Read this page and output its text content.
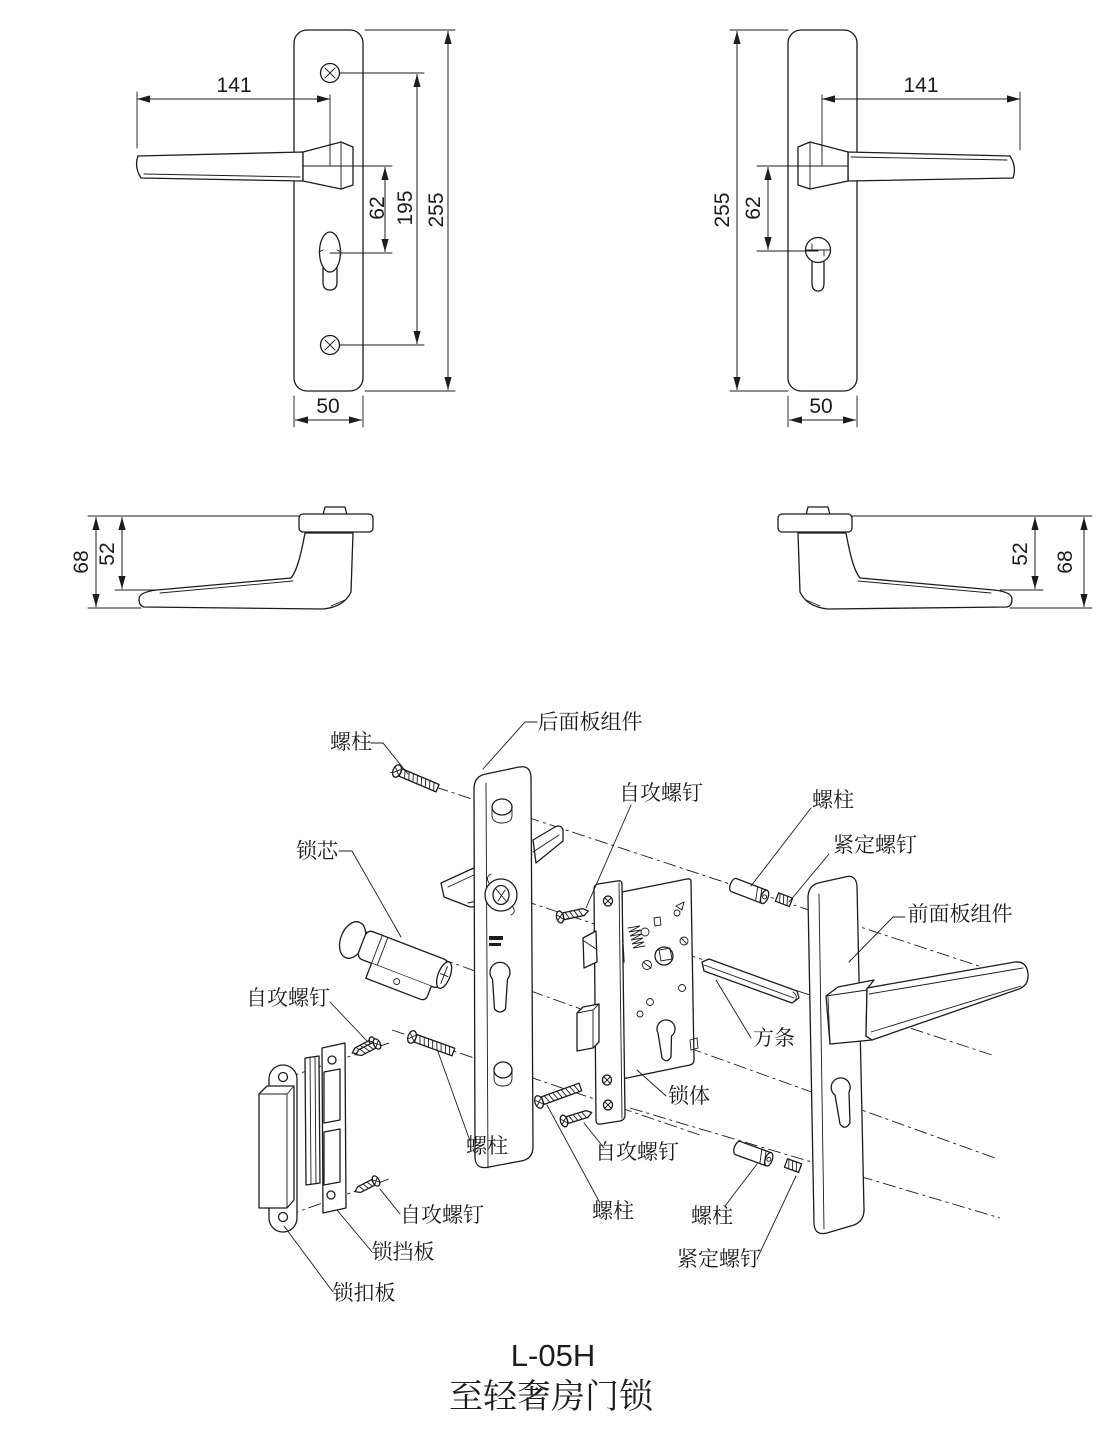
141
62 195 255
50
141
62
255
50
68 52	52 68
螺柱
后面板组件
锁芯
自攻螺钉	螺柱
紧定螺钉
前面板组件
方条
锁体
自攻螺钉
螺柱	自攻螺钉
螺柱	螺柱
紧定螺钉
自攻螺钉
锁挡板
锁扣板
L-05H
至轻奢房门锁
